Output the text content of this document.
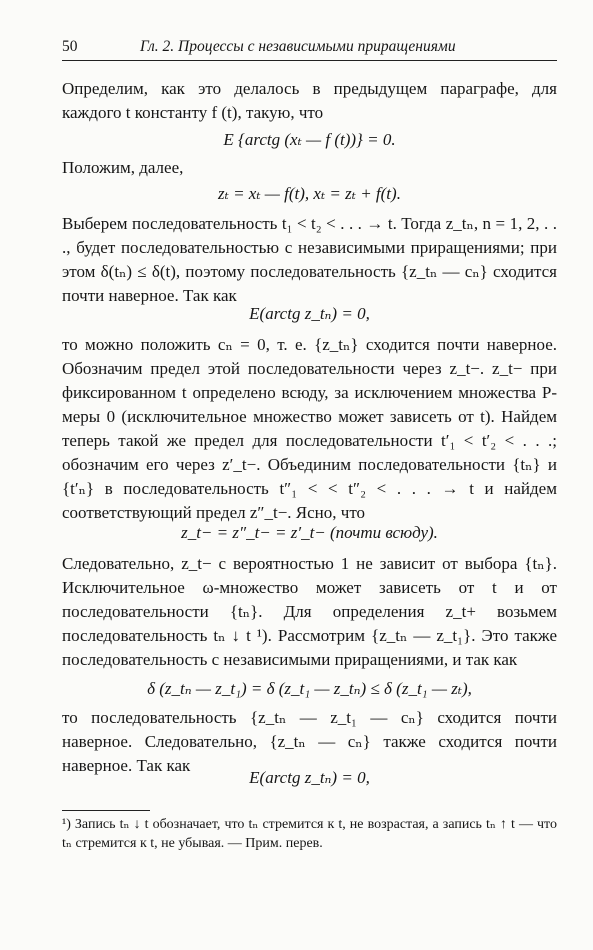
50	Гл. 2. Процессы с независимыми приращениями
Определим, как это делалось в предыдущем параграфе, для каждого t константу f (t), такую, что
E {arctg (xₜ — f (t))} = 0.
Положим, далее,
zₜ = xₜ — f(t), xₜ = zₜ + f(t).
Выберем последовательность t₁ < t₂ < . . . → t. Тогда z_tₙ, n = 1, 2, . . ., будет последовательностью с независимыми приращениями; при этом δ(tₙ) ≤ δ(t), поэтому последовательность {z_tₙ — cₙ} сходится почти наверное. Так как
E(arctg z_tₙ) = 0,
то можно положить cₙ = 0, т. е. {z_tₙ} сходится почти наверное. Обозначим предел этой последовательности через z_t−. z_t− при фиксированном t определено всюду, за исключением множества P-меры 0 (исключительное множество может зависеть от t). Найдем теперь такой же предел для последовательности t′₁ < t′₂ < . . .; обозначим его через z′_t−. Объединим последовательности {tₙ} и {t′ₙ} в последовательность t″₁ < < t″₂ < . . . → t и найдем соответствующий предел z″_t−. Ясно, что
z_t− = z″_t− = z′_t− (почти всюду).
Следовательно, z_t− с вероятностью 1 не зависит от выбора {tₙ}. Исключительное ω-множество может зависеть от t и от последовательности {tₙ}. Для определения z_t+ возьмем последовательность tₙ ↓ t ¹). Рассмотрим {z_tₙ — z_t₁}. Это также последовательность с независимыми приращениями, и так как
δ (z_tₙ — z_t₁) = δ (z_t₁ — z_tₙ) ≤ δ (z_t₁ — zₜ),
то последовательность {z_tₙ — z_t₁ — cₙ} сходится почти наверное. Следовательно, {z_tₙ — cₙ} также сходится почти наверное. Так как
E(arctg z_tₙ) = 0,
¹) Запись tₙ ↓ t обозначает, что tₙ стремится к t, не возрастая, а запись tₙ ↑ t — что tₙ стремится к t, не убывая. — Прим. перев.
